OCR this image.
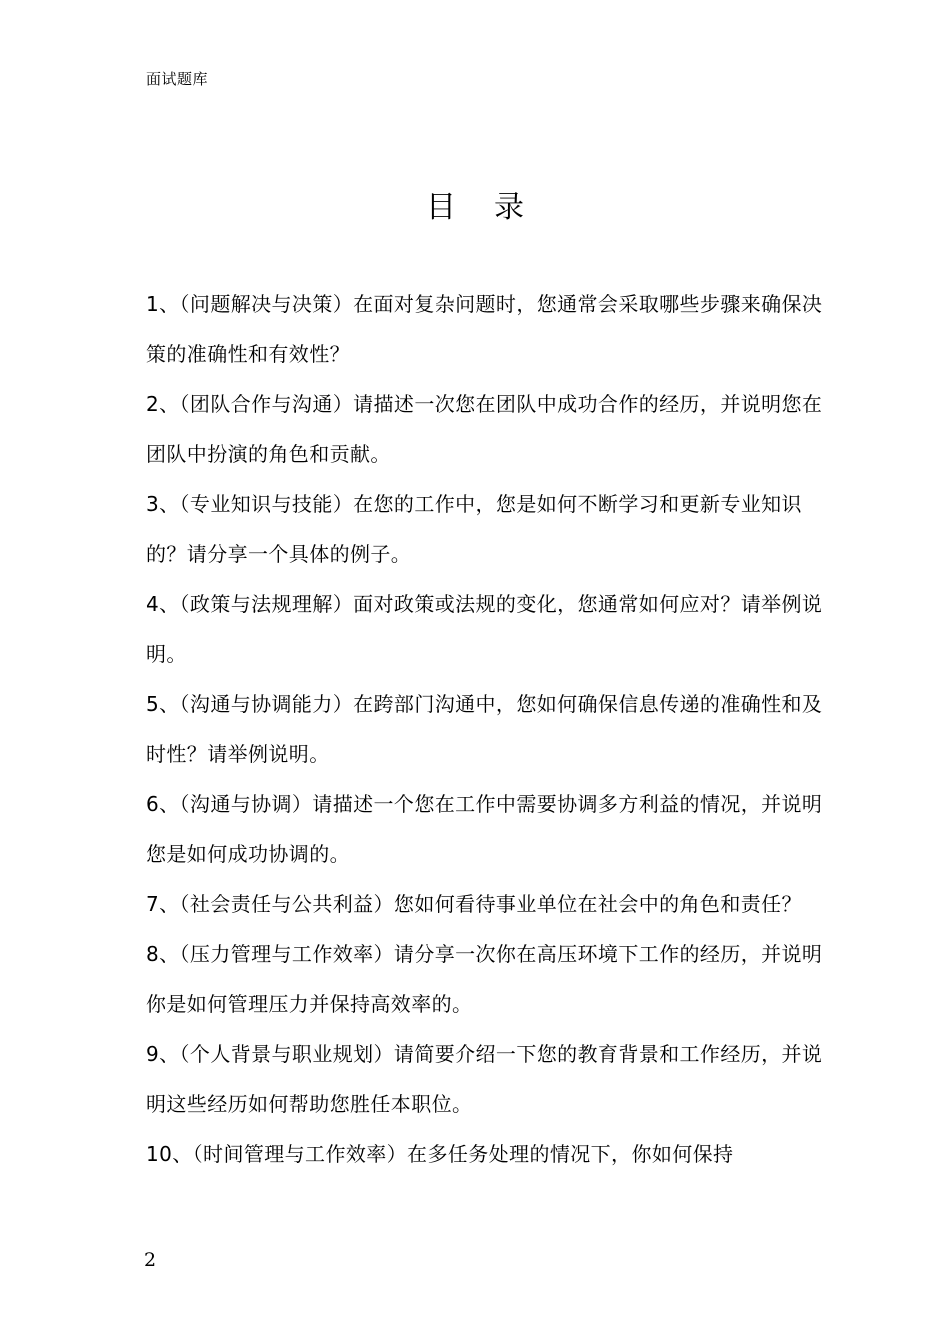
面试题库
目录
1、（问题解决与决策）在面对复杂问题时，您通常会采取哪些步骤来确保决策的准确性和有效性？
2、（团队合作与沟通）请描述一次您在团队中成功合作的经历，并说明您在团队中扮演的角色和贡献。
3、（专业知识与技能）在您的工作中，您是如何不断学习和更新专业知识的？请分享一个具体的例子。
4、（政策与法规理解）面对政策或法规的变化，您通常如何应对？请举例说明。
5、（沟通与协调能力）在跨部门沟通中，您如何确保信息传递的准确性和及时性？请举例说明。
6、（沟通与协调）请描述一个您在工作中需要协调多方利益的情况，并说明您是如何成功协调的。
7、（社会责任与公共利益）您如何看待事业单位在社会中的角色和责任？
8、（压力管理与工作效率）请分享一次你在高压环境下工作的经历，并说明你是如何管理压力并保持高效率的。
9、（个人背景与职业规划）请简要介绍一下您的教育背景和工作经历，并说明这些经历如何帮助您胜任本职位。
10、（时间管理与工作效率）在多任务处理的情况下，你如何保持
2
